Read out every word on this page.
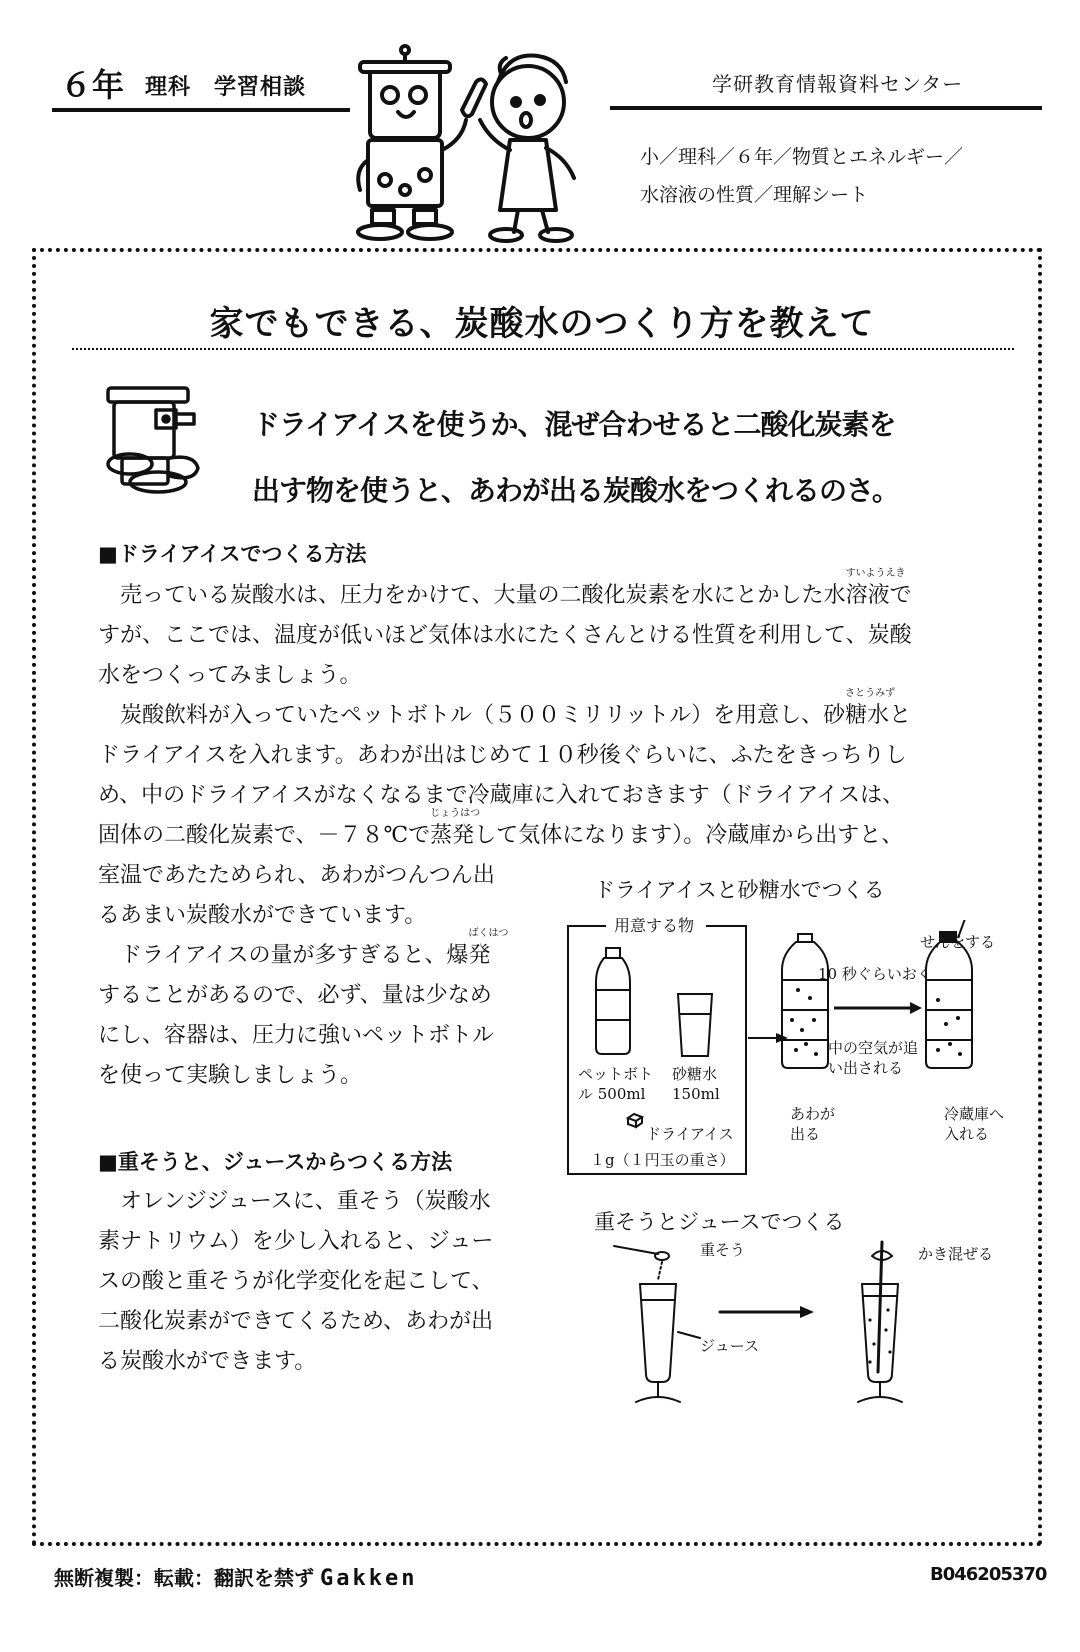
６年 理科　学習相談	学研教育情報資料センター
小／理科／６年／物質とエネルギー／
水溶液の性質／理解シート
家でもできる、炭酸水のつくり方を教えて
ドライアイスを使うか、混ぜ合わせると二酸化炭素を
出す物を使うと、あわが出る炭酸水をつくれるのさ。
■ドライアイスでつくる方法

売っている炭酸水は、圧力をかけて、大量の二酸化炭素を水にとかした
すいようえき
水溶液で

すが、ここでは、温度が低いほど気体は水にたくさんとける性質を利用して、炭酸

水をつくってみましょう。

炭酸飲料が入っていたペットボトル（５００ミリリットル）を用意し、
さとうみず
砂糖水と

ドライアイスを入れます。あわが出はじめて１０秒後ぐらいに、ふたをきっちりし

め、中のドライアイスがなくなるまで冷蔵庫に入れておきます（ドライアイスは、

固体の二酸化炭素で、－７８℃で
じょうはつ
蒸発して気体になります）。冷蔵庫から出すと、

室温であたためられ、あわがつんつん出

るあまい炭酸水ができています。

ドライアイスの量が多すぎると、
ばくはつ
爆発

することがあるので、必ず、量は少なめ

にし、容器は、圧力に強いペットボトル

を使って実験しましょう。

■重そうと、ジュースからつくる方法

オレンジジュースに、重そう（炭酸水

素ナトリウム）を少し入れると、ジュー

スの酸と重そうが化学変化を起こして、

二酸化炭素ができてくるため、あわが出

る炭酸水ができます。

ドライアイスと砂糖水でつくる
用意する物
ペットボト
ル 500ml
砂糖水
150ml
ドライアイス
１g（１円玉の重さ）
10 秒ぐらいおく
せんをする
中の空気が追
い出される
あわが
出る
冷蔵庫へ
入れる
重そうとジュースでつくる
重そう
ジュース
かき混ぜる
無断複製：転載：翻訳を禁ず Gakken	B046205370
